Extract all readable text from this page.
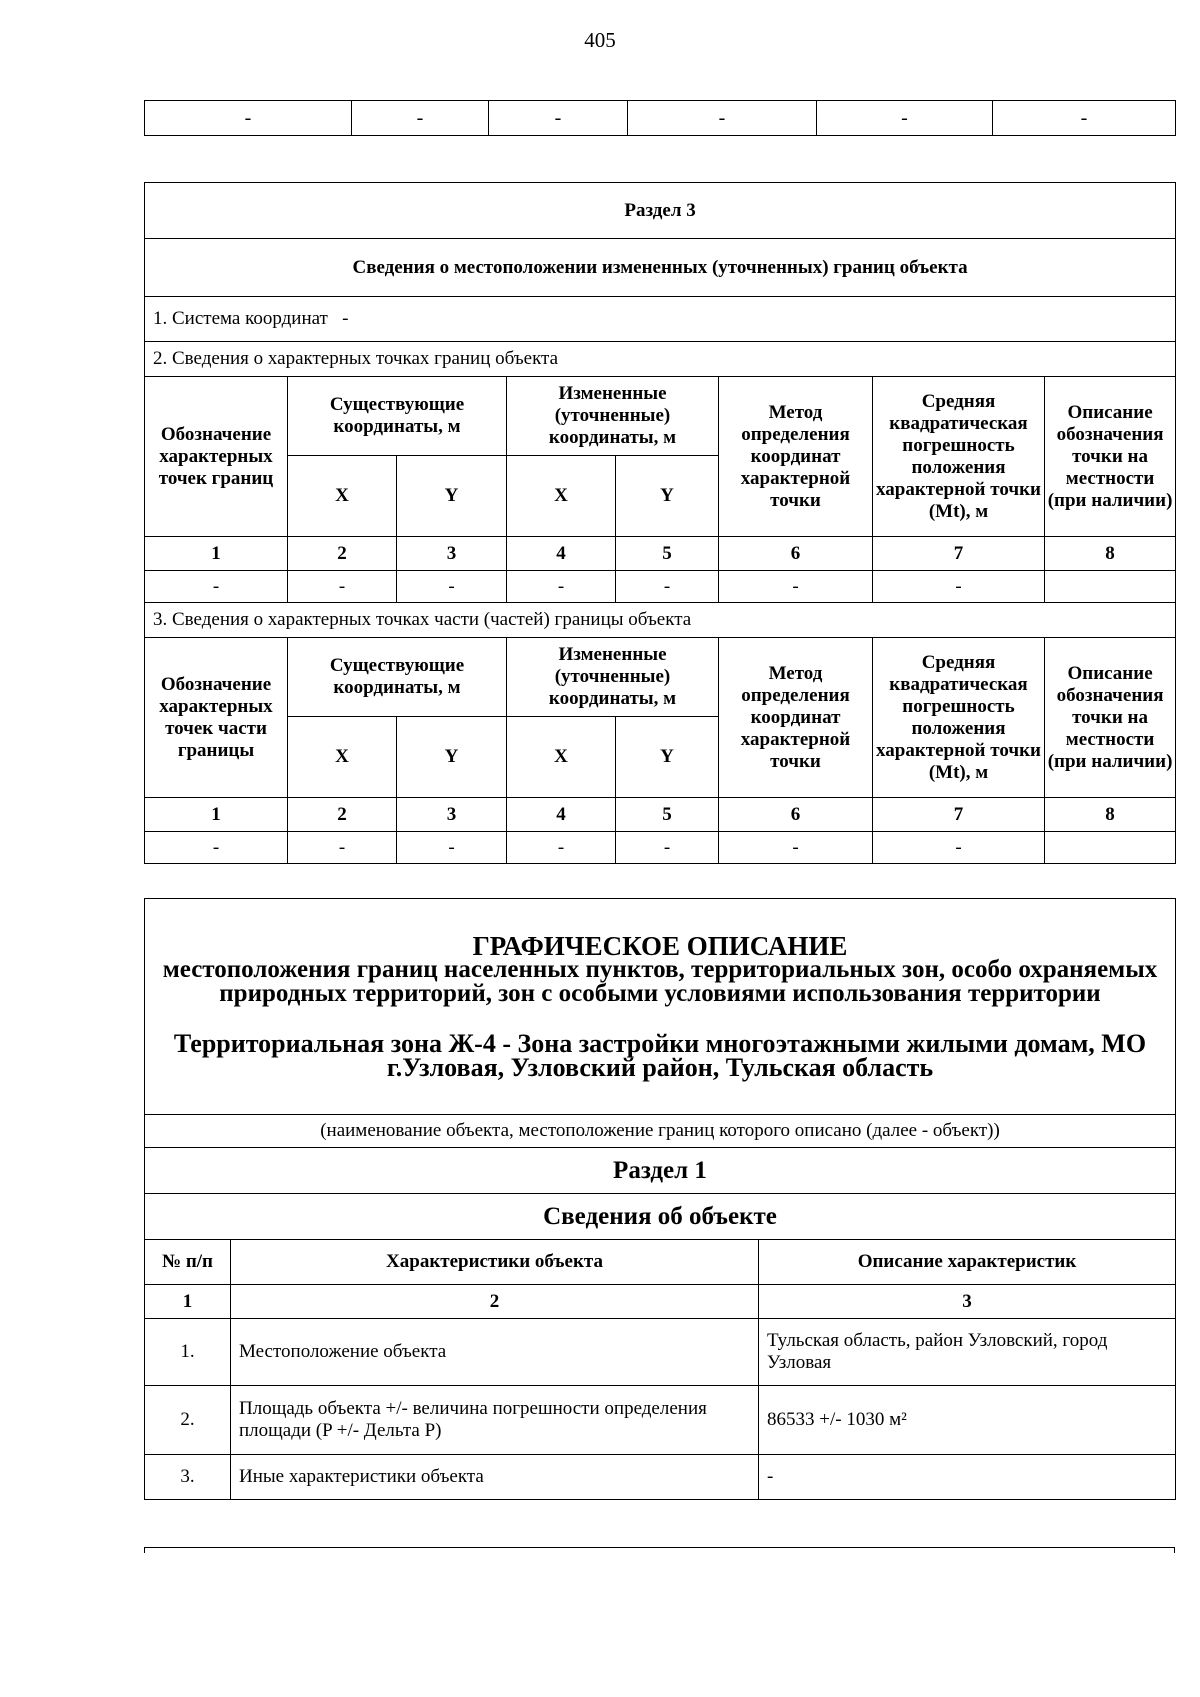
405
-	-	-	-	-	-
Раздел 3							
Сведения о местоположении измененных (уточненных) границ объекта							
1. Система координат -							
2. Сведения о характерных точках границ объекта							
Обозначение характерных точек границ	Существующие координаты, м		Измененные (уточненные) координаты, м		Метод определения координат характерной точки	Средняя квадратическая погрешность положения характерной точки (Mt), м	Описание обозначения точки на местности (при наличии)
	X	Y	X	Y			
1	2	3	4	5	6	7	8
-	-	-	-	-	-	-	
3. Сведения о характерных точках части (частей) границы объекта							
Обозначение характерных точек части границы	Существующие координаты, м		Измененные (уточненные) координаты, м		Метод определения координат характерной точки	Средняя квадратическая погрешность положения характерной точки (Mt), м	Описание обозначения точки на местности (при наличии)
	X	Y	X	Y			
1	2	3	4	5	6	7	8
-	-	-	-	-	-	-	
ГРАФИЧЕСКОЕ ОПИСАНИЕ
местоположения границ населенных пунктов, территориальных зон, особо охраняемых природных территорий, зон с особыми условиями использования территории
Территориальная зона Ж-4 - Зона застройки многоэтажными жилыми домам, МО г.Узловая, Узловский район, Тульская область		

(наименование объекта, местоположение границ которого описано (далее - объект))		
Раздел 1		
Сведения об объекте		
№ п/п	Характеристики объекта	Описание характеристик
1	2	3
1.	Местоположение объекта	Тульская область, район Узловский, город Узловая
2.	Площадь объекта +/- величина погрешности определения площади (P +/- Дельта P)	86533 +/- 1030 м²
3.	Иные характеристики объекта	-
